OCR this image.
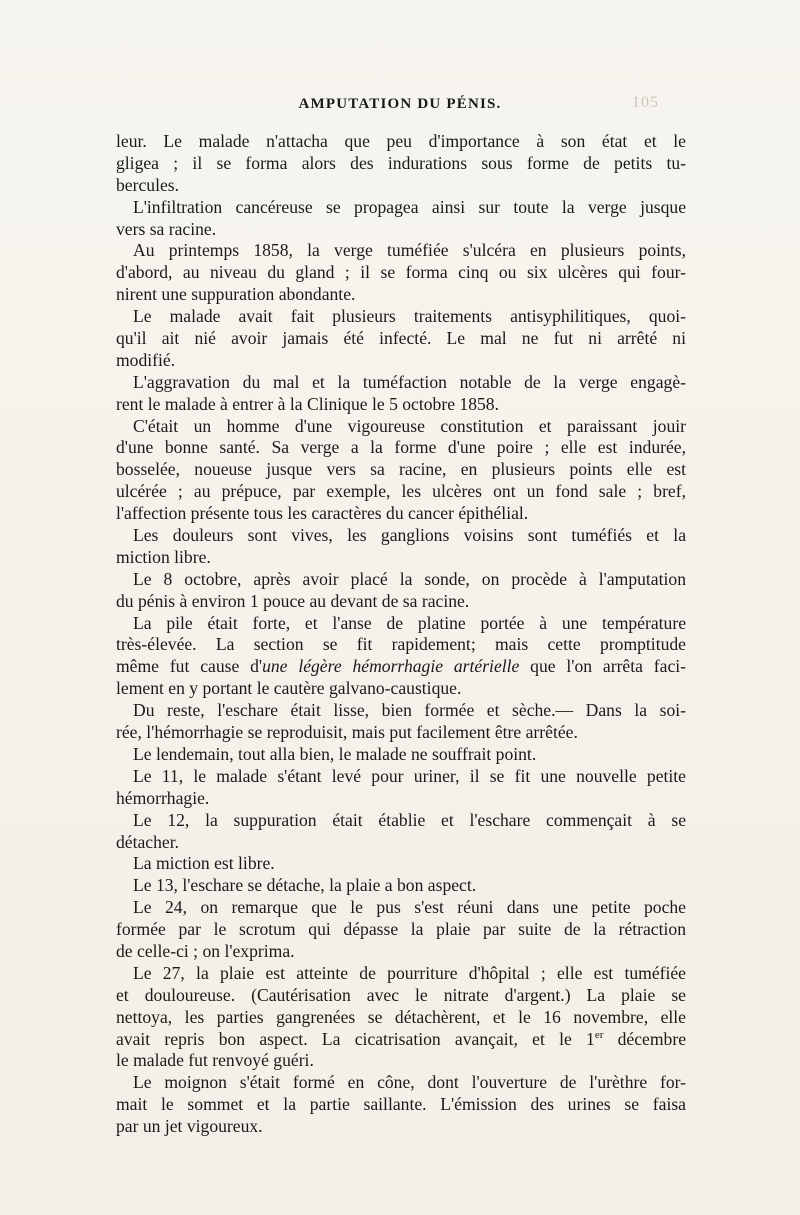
AMPUTATION DU PÉNIS.	105
leur. Le malade n'attacha que peu d'importance à son état et le
gligea ; il se forma alors des indurations sous forme de petits tu-
bercules.
L'infiltration cancéreuse se propagea ainsi sur toute la verge jusque
vers sa racine.
Au printemps 1858, la verge tuméfiée s'ulcéra en plusieurs points,
d'abord, au niveau du gland ; il se forma cinq ou six ulcères qui four-
nirent une suppuration abondante.
Le malade avait fait plusieurs traitements antisyphilitiques, quoi-
qu'il ait nié avoir jamais été infecté. Le mal ne fut ni arrêté ni
modifié.
L'aggravation du mal et la tuméfaction notable de la verge engagè-
rent le malade à entrer à la Clinique le 5 octobre 1858.
C'était un homme d'une vigoureuse constitution et paraissant jouir
d'une bonne santé. Sa verge a la forme d'une poire ; elle est indurée,
bosselée, noueuse jusque vers sa racine, en plusieurs points elle est
ulcérée ; au prépuce, par exemple, les ulcères ont un fond sale ; bref,
l'affection présente tous les caractères du cancer épithélial.
Les douleurs sont vives, les ganglions voisins sont tuméfiés et la
miction libre.
Le 8 octobre, après avoir placé la sonde, on procède à l'amputation
du pénis à environ 1 pouce au devant de sa racine.
La pile était forte, et l'anse de platine portée à une température
très-élevée. La section se fit rapidement; mais cette promptitude
même fut cause d'une légère hémorrhagie artérielle que l'on arrêta faci-
lement en y portant le cautère galvano-caustique.
Du reste, l'eschare était lisse, bien formée et sèche.— Dans la soi-
rée, l'hémorrhagie se reproduisit, mais put facilement être arrêtée.
Le lendemain, tout alla bien, le malade ne souffrait point.
Le 11, le malade s'étant levé pour uriner, il se fit une nouvelle petite
hémorrhagie.
Le 12, la suppuration était établie et l'eschare commençait à se
détacher.
La miction est libre.
Le 13, l'eschare se détache, la plaie a bon aspect.
Le 24, on remarque que le pus s'est réuni dans une petite poche
formée par le scrotum qui dépasse la plaie par suite de la rétraction
de celle-ci ; on l'exprima.
Le 27, la plaie est atteinte de pourriture d'hôpital ; elle est tuméfiée
et douloureuse. (Cautérisation avec le nitrate d'argent.) La plaie se
nettoya, les parties gangrenées se détachèrent, et le 16 novembre, elle
avait repris bon aspect. La cicatrisation avançait, et le 1er décembre
le malade fut renvoyé guéri.
Le moignon s'était formé en cône, dont l'ouverture de l'urèthre for-
mait le sommet et la partie saillante. L'émission des urines se faisa
par un jet vigoureux.
